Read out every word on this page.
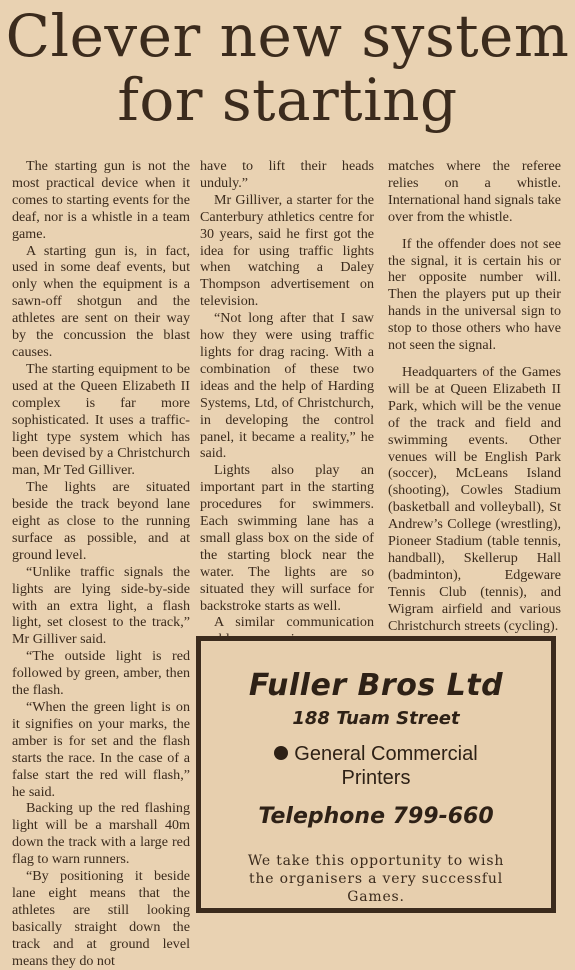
Clever new system
for starting

The starting gun is not the most practical device when it comes to starting events for the deaf, nor is a whistle in a team game.

A starting gun is, in fact, used in some deaf events, but only when the equipment is a sawn-off shotgun and the athletes are sent on their way by the concussion the blast causes.

The starting equipment to be used at the Queen Elizabeth II complex is far more sophisticated. It uses a traffic-light type system which has been devised by a Christchurch man, Mr Ted Gilliver.

The lights are situated beside the track beyond lane eight as close to the running surface as possible, and at ground level.

“Unlike traffic signals the lights are lying side-by-side with an extra light, a flash light, set closest to the track,” Mr Gilliver said.

“The outside light is red followed by green, amber, then the flash.

“When the green light is on it signifies on your marks, the amber is for set and the flash starts the race. In the case of a false start the red will flash,” he said.

Backing up the red flashing light will be a marshall 40m down the track with a large red flag to warn runners.

“By positioning it beside lane eight means that the athletes are still looking basically straight down the track and at ground level means they do not

have to lift their heads unduly.”

Mr Gilliver, a starter for the Canterbury athletics centre for 30 years, said he first got the idea for using traffic lights when watching a Daley Thompson advertisement on television.

“Not long after that I saw how they were using traffic lights for drag racing. With a combination of these two ideas and the help of Harding Systems, Ltd, of Christchurch, in developing the control panel, it became a reality,” he said.

Lights also play an important part in the starting procedures for swimmers. Each swimming lane has a small glass box on the side of the starting block near the water. The lights are so situated they will surface for backstroke starts as well.

A similar communication

matches where the referee relies on a whistle. International hand signals take over from the whistle.

If the offender does not see the signal, it is certain his or her opposite number will. Then the players put up their hands in the universal sign to stop to those others who have not seen the signal.

Headquarters of the Games will be at Queen Elizabeth II Park, which will be the venue of the track and field and swimming events. Other venues will be English Park (soccer), McLeans Island (shooting), Cowles Stadium (basketball and volleyball), St Andrew’s College (wrestling), Pioneer Stadium (table tennis, handball), Skellerup Hall (badminton), Edgeware Tennis Club (tennis), and Wigram airfield and various Christchurch streets (cycling).

Fuller Bros Ltd
188 Tuam Street
General Commercial
Printers
Telephone 799-660
We take this opportunity to wish the organisers a very successful Games.
